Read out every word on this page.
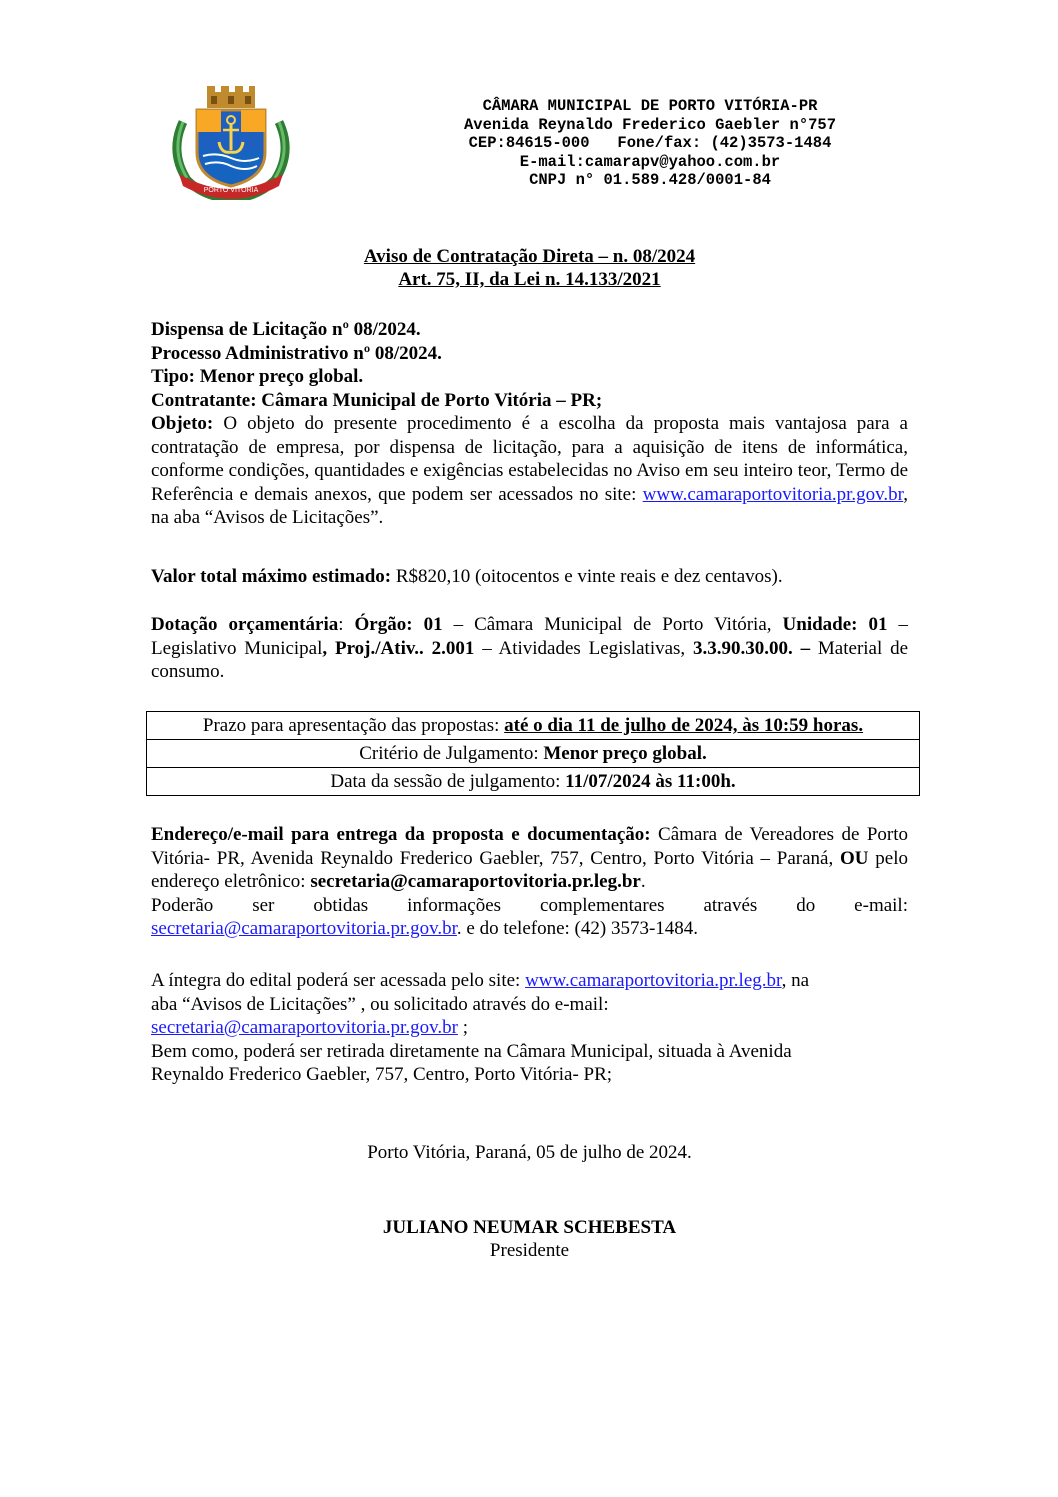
PORTO VITÓRIA
CÂMARA MUNICIPAL DE PORTO VITÓRIA-PR
Avenida Reynaldo Frederico Gaebler n°757
CEP:84615-000   Fone/fax: (42)3573-1484
E-mail:camarapv@yahoo.com.br
CNPJ n° 01.589.428/0001-84
Aviso de Contratação Direta – n. 08/2024
Art. 75, II, da Lei n. 14.133/2021
Dispensa de Licitação nº 08/2024.
Processo Administrativo nº 08/2024.
Tipo: Menor preço global.
Contratante: Câmara Municipal de Porto Vitória – PR;
Objeto: O objeto do presente procedimento é a escolha da proposta mais vantajosa para a contratação de empresa, por dispensa de licitação, para a aquisição de itens de informática, conforme condições, quantidades e exigências estabelecidas no Aviso em seu inteiro teor, Termo de Referência e demais anexos, que podem ser acessados no site: www.camaraportovitoria.pr.gov.br, na aba “Avisos de Licitações”.
Valor total máximo estimado: R$820,10 (oitocentos e vinte reais e dez centavos).
Dotação orçamentária: Órgão: 01 – Câmara Municipal de Porto Vitória, Unidade: 01 – Legislativo Municipal, Proj./Ativ.. 2.001 – Atividades Legislativas, 3.3.90.30.00. – Material de consumo.
Prazo para apresentação das propostas: até o dia 11 de julho de 2024, às 10:59 horas.
Critério de Julgamento: Menor preço global.
Data da sessão de julgamento: 11/07/2024 às 11:00h.
Endereço/e-mail para entrega da proposta e documentação: Câmara de Vereadores de Porto Vitória- PR, Avenida Reynaldo Frederico Gaebler, 757, Centro, Porto Vitória – Paraná, OU pelo endereço eletrônico: secretaria@camaraportovitoria.pr.leg.br.
Poderão ser obtidas informações complementares através do e-mail:
secretaria@camaraportovitoria.pr.gov.br. e do telefone: (42) 3573-1484.
A íntegra do edital poderá ser acessada pelo site: www.camaraportovitoria.pr.leg.br, na
aba “Avisos de Licitações” , ou solicitado através do e-mail:
secretaria@camaraportovitoria.pr.gov.br ;
Bem como, poderá ser retirada diretamente na Câmara Municipal, situada à Avenida
Reynaldo Frederico Gaebler, 757, Centro, Porto Vitória- PR;
Porto Vitória, Paraná, 05 de julho de 2024.
JULIANO NEUMAR SCHEBESTA
Presidente
